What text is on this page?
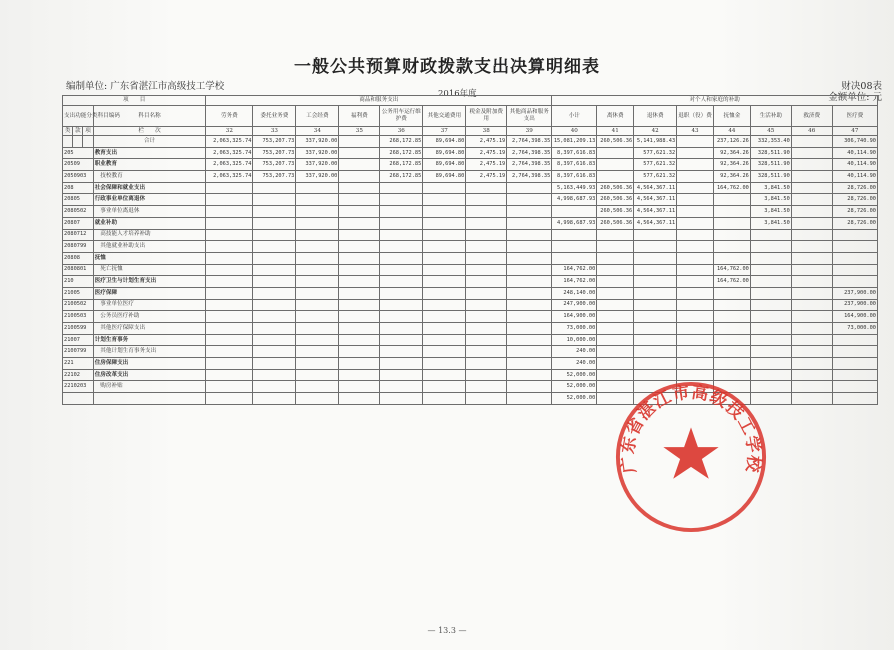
一般公共预算财政拨款支出决算明细表
编制单位: 广东省湛江市高级技工学校
2016年度
财决08表
金额单位: 元
项　　目				商品和服务支出								对个人和家庭的补助							
支出功能分类科目编码			科目名称	劳务费	委托业务费	工会经费	福利费	公务用车运行维护费	其他交通费用	税金及附加费用	其他商品和服务支出	小计	离休费	退休费	退职（役）费	抚恤金	生活补助	救济费	医疗费
类	款	项	栏　　次	32	33	34	35	36	37	38	39	40	41	42	43	44	45	46	47
			合计	2,063,325.74	753,207.73	337,920.00		268,172.85	89,694.80	2,475.19	2,764,398.35	15,081,209.13	260,506.36	5,141,988.43		237,126.26	332,353.40		306,740.90
205			教育支出	2,063,325.74	753,207.73	337,920.00		268,172.85	89,694.80	2,475.19	2,764,398.35	8,397,616.83		577,621.32		92,364.26	328,511.90		40,114.90
20509			职业教育	2,063,325.74	753,207.73	337,920.00		268,172.85	89,694.80	2,475.19	2,764,398.35	8,397,616.83		577,621.32		92,364.26	328,511.90		40,114.90
2050903			　技校教育	2,063,325.74	753,207.73	337,920.00		268,172.85	89,694.80	2,475.19	2,764,398.35	8,397,616.83		577,621.32		92,364.26	328,511.90		40,114.90
208			社会保障和就业支出									5,163,449.93	260,506.36	4,564,367.11		164,762.00	3,841.50		28,726.00
20805			行政事业单位离退休									4,998,687.93	260,506.36	4,564,367.11			3,841.50		28,726.00
2080502			　事业单位离退休										260,506.36	4,564,367.11			3,841.50		28,726.00
20807			就业补助									4,998,687.93	260,506.36	4,564,367.11			3,841.50		28,726.00
2080712			　高技能人才培养补助																
2080799			　其他就业补助支出																
20808			抚恤																
2080801			　死亡抚恤									164,762.00				164,762.00			
210			医疗卫生与计划生育支出									164,762.00				164,762.00			
21005			医疗保障									248,140.00							237,900.00
2100502			　事业单位医疗									247,900.00							237,900.00
2100503			　公务员医疗补助									164,900.00							164,900.00
2100599			　其他医疗保障支出									73,000.00							73,000.00
21007			计划生育事务									10,000.00							
2100799			　其他计划生育事务支出									240.00							
221			住房保障支出									240.00							
22102			住房改革支出									52,000.00							
2210203			　购房补贴									52,000.00							
												52,000.00							
— 13.3 —
广东省湛江市高级技工学校
